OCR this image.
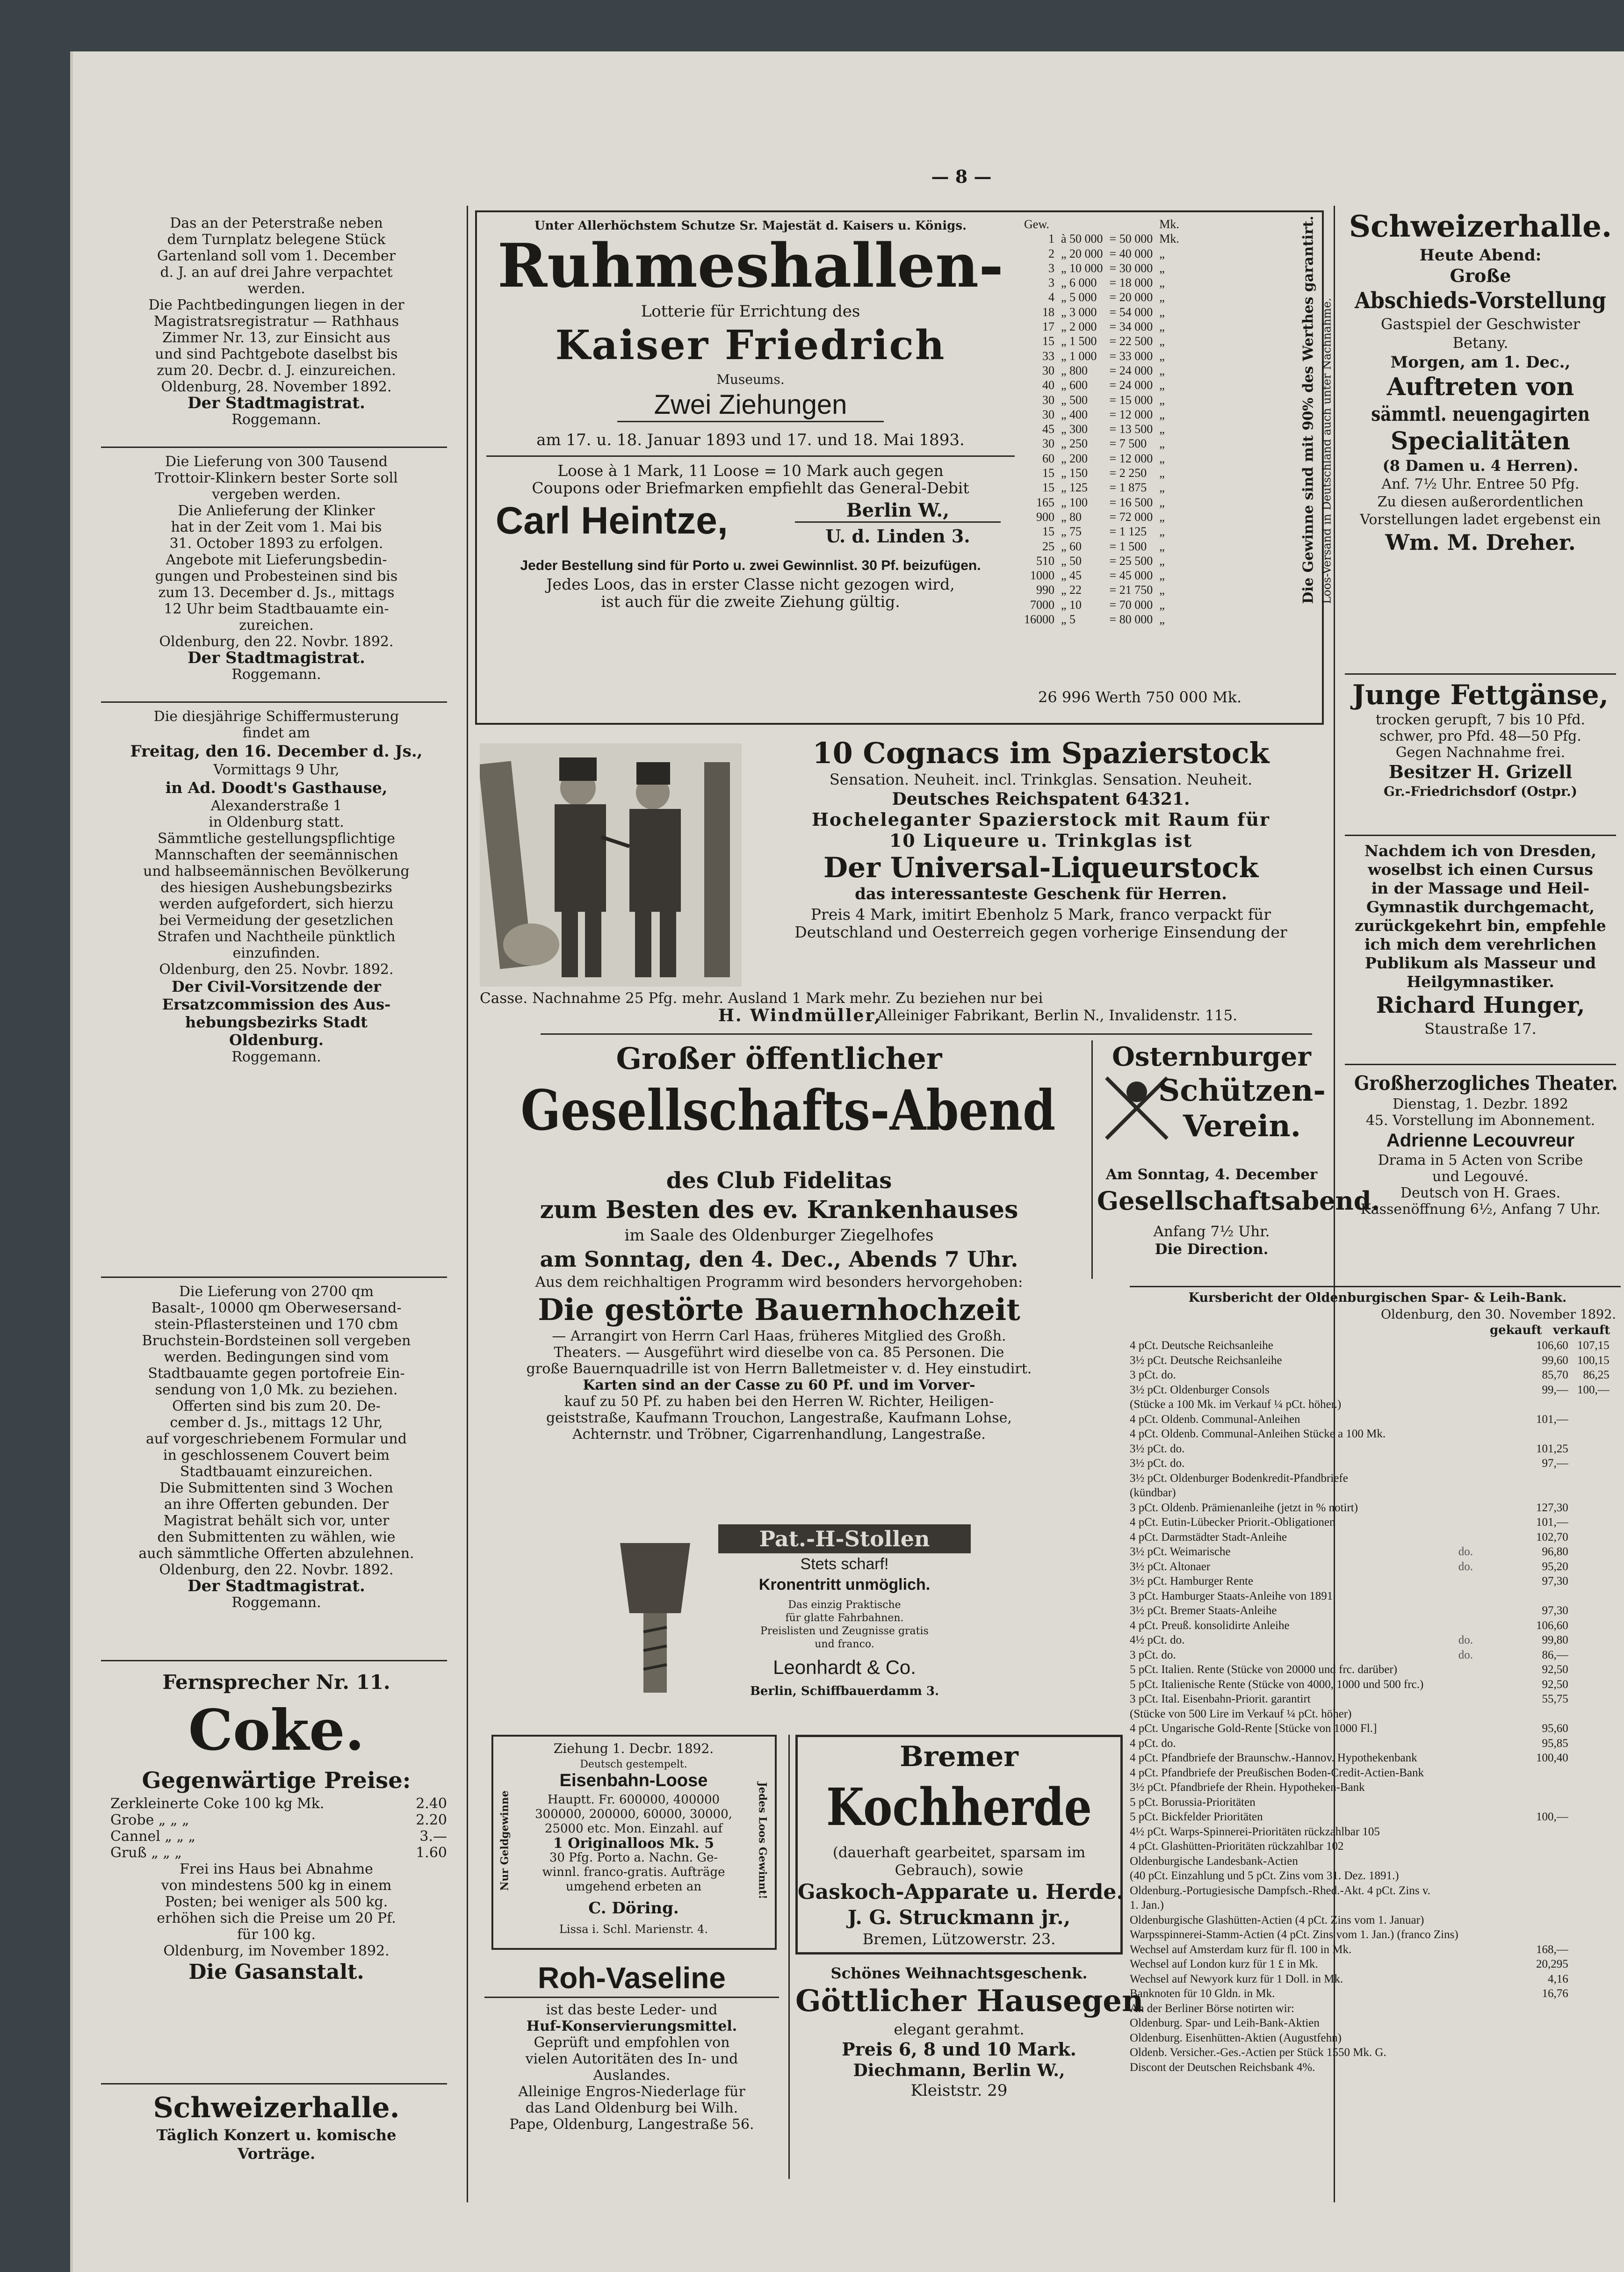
— 8 —

Das an der Peterstraße neben

dem Turnplatz belegene Stück

Gartenland soll vom 1. December

d. J. an auf drei Jahre verpachtet

werden.

Die Pachtbedingungen liegen in der

Magistratsregistratur — Rathhaus

Zimmer Nr. 13, zur Einsicht aus

und sind Pachtgebote daselbst bis

zum 20. Decbr. d. J. einzureichen.

Oldenburg, 28. November 1892.

Der Stadtmagistrat.

Roggemann.

Die Lieferung von 300 Tausend

Trottoir-Klinkern bester Sorte soll

vergeben werden.

Die Anlieferung der Klinker

hat in der Zeit vom 1. Mai bis

31. October 1893 zu erfolgen.

Angebote mit Lieferungsbedin-

gungen und Probesteinen sind bis

zum 13. December d. Js., mittags

12 Uhr beim Stadtbauamte ein-

zureichen.

Oldenburg, den 22. Novbr. 1892.

Der Stadtmagistrat.

Roggemann.

Die diesjährige Schiffermusterung

findet am

Freitag, den 16. December d. Js.,

Vormittags 9 Uhr,

in Ad. Doodt's Gasthause,

Alexanderstraße 1

in Oldenburg statt.

Sämmtliche gestellungspflichtige

Mannschaften der seemännischen

und halbseemännischen Bevölkerung

des hiesigen Aushebungsbezirks

werden aufgefordert, sich hierzu

bei Vermeidung der gesetzlichen

Strafen und Nachtheile pünktlich

einzufinden.

Oldenburg, den 25. Novbr. 1892.

Der Civil-Vorsitzende der

Ersatzcommission des Aus-

hebungsbezirks Stadt

Oldenburg.

Roggemann.

Die Lieferung von 2700 qm

Basalt-, 10000 qm Oberwesersand-

stein-Pflastersteinen und 170 cbm

Bruchstein-Bordsteinen soll vergeben

werden. Bedingungen sind vom

Stadtbauamte gegen portofreie Ein-

sendung von 1,0 Mk. zu beziehen.

Offerten sind bis zum 20. De-

cember d. Js., mittags 12 Uhr,

auf vorgeschriebenem Formular und

in geschlossenem Couvert beim

Stadtbauamt einzureichen.

Die Submittenten sind 3 Wochen

an ihre Offerten gebunden. Der

Magistrat behält sich vor, unter

den Submittenten zu wählen, wie

auch sämmtliche Offerten abzulehnen.

Oldenburg, den 22. Novbr. 1892.

Der Stadtmagistrat.

Roggemann.

Fernsprecher Nr. 11.

Coke.

Gegenwärtige Preise:

Zerkleinerte Coke 100 kg Mk.	2.40
Grobe „ „ „	2.20
Cannel „ „ „	3.—
Gruß „ „ „	1.60

Frei ins Haus bei Abnahme

von mindestens 500 kg in einem

Posten; bei weniger als 500 kg.

erhöhen sich die Preise um 20 Pf.

für 100 kg.

Oldenburg, im November 1892.

Die Gasanstalt.

Schweizerhalle.

Täglich Konzert u. komische

Vorträge.

Unter Allerhöchstem Schutze Sr. Majestät d. Kaisers u. Königs.

Ruhmeshallen-

Lotterie für Errichtung des

Kaiser Friedrich

Museums.

Zwei Ziehungen

am 17. u. 18. Januar 1893 und 17. und 18. Mai 1893.

Loose à 1 Mark, 11 Loose = 10 Mark auch gegen

Coupons oder Briefmarken empfiehlt das General-Debit

Carl Heintze,	Berlin W.,

U. d. Linden 3.

Jeder Bestellung sind für Porto u. zwei Gewinnlist. 30 Pf. beizufügen.

Jedes Loos, das in erster Classe nicht gezogen wird,

ist auch für die zweite Ziehung gültig.

Gew.			Mk.
1	à 50 000	= 50 000	Mk.
2	„ 20 000	= 40 000	„
3	„ 10 000	= 30 000	„
3	„ 6 000	= 18 000	„
4	„ 5 000	= 20 000	„
18	„ 3 000	= 54 000	„
17	„ 2 000	= 34 000	„
15	„ 1 500	= 22 500	„
33	„ 1 000	= 33 000	„
30	„ 800	= 24 000	„
40	„ 600	= 24 000	„
30	„ 500	= 15 000	„
30	„ 400	= 12 000	„
45	„ 300	= 13 500	„
30	„ 250	= 7 500	„
60	„ 200	= 12 000	„
15	„ 150	= 2 250	„
15	„ 125	= 1 875	„
165	„ 100	= 16 500	„
900	„ 80	= 72 000	„
15	„ 75	= 1 125	„
25	„ 60	= 1 500	„
510	„ 50	= 25 500	„
1000	„ 45	= 45 000	„
990	„ 22	= 21 750	„
7000	„ 10	= 70 000	„
16000	„ 5	= 80 000	„

26 996 Werth 750 000 Mk.

Die Gewinne sind mit 90% des Werthes garantirt. Loos-Versand in Deutschland auch unter Nachnahme.

10 Cognacs im Spazierstock

Sensation. Neuheit. incl. Trinkglas. Sensation. Neuheit.

Deutsches Reichspatent 64321.

Hocheleganter Spazierstock mit Raum für

10 Liqueure u. Trinkglas ist

Der Universal-Liqueurstock

das interessanteste Geschenk für Herren.

Preis 4 Mark, imitirt Ebenholz 5 Mark, franco verpackt für

Deutschland und Oesterreich gegen vorherige Einsendung der

Casse. Nachnahme 25 Pfg. mehr. Ausland 1 Mark mehr. Zu beziehen nur bei

H. Windmüller,

Alleiniger Fabrikant, Berlin N., Invalidenstr. 115.

Großer öffentlicher

Gesellschafts-Abend

des Club Fidelitas

zum Besten des ev. Krankenhauses

im Saale des Oldenburger Ziegelhofes

am Sonntag, den 4. Dec., Abends 7 Uhr.

Aus dem reichhaltigen Programm wird besonders hervorgehoben:

Die gestörte Bauernhochzeit

— Arrangirt von Herrn Carl Haas, früheres Mitglied des Großh.

Theaters. — Ausgeführt wird dieselbe von ca. 85 Personen. Die

große Bauernquadrille ist von Herrn Balletmeister v. d. Hey einstudirt.

Karten sind an der Casse zu 60 Pf. und im Vorver-

kauf zu 50 Pf. zu haben bei den Herren W. Richter, Heiligen-

geiststraße, Kaufmann Trouchon, Langestraße, Kaufmann Lohse,

Achternstr. und Tröbner, Cigarrenhandlung, Langestraße.

Osternburger

Schützen-

Verein.

Am Sonntag, 4. December

Gesellschaftsabend.

Anfang 7½ Uhr.

Die Direction.

Pat.-H-Stollen

Stets scharf!

Kronentritt unmöglich.

Das einzig Praktische

für glatte Fahrbahnen.

Preislisten und Zeugnisse gratis

und franco.

Leonhardt & Co.

Berlin, Schiffbauerdamm 3.

Ziehung 1. Decbr. 1892.

Deutsch gestempelt.

Eisenbahn-Loose

Hauptt. Fr. 600000, 400000

300000, 200000, 60000, 30000,

25000 etc. Mon. Einzahl. auf

1 Originalloos Mk. 5

30 Pfg. Porto a. Nachn. Ge-

winnl. franco-gratis. Aufträge

umgehend erbeten an

C. Döring.

Lissa i. Schl. Marienstr. 4.

Nur Geldgewinne	Jedes Loos Gewinnt!

Roh-Vaseline

ist das beste Leder- und

Huf-Konservierungsmittel.

Geprüft und empfohlen von

vielen Autoritäten des In- und

Auslandes.

Alleinige Engros-Niederlage für

das Land Oldenburg bei Wilh.

Pape, Oldenburg, Langestraße 56.

Bremer

Kochherde

(dauerhaft gearbeitet, sparsam im

Gebrauch), sowie

Gaskoch-Apparate u. Herde.

J. G. Struckmann jr.,

Bremen, Lützowerstr. 23.

Schönes Weihnachtsgeschenk.

Göttlicher Hausegen

elegant gerahmt.

Preis 6, 8 und 10 Mark.

Diechmann, Berlin W.,

Kleiststr. 29

Kursbericht der Oldenburgischen Spar- & Leih-Bank.

Oldenburg, den 30. November 1892.

gekauft verkauft

4 pCt. Deutsche Reichsanleihe		106,60	107,15
3½ pCt. Deutsche Reichsanleihe		99,60	100,15
3 pCt. do.		85,70	86,25
3½ pCt. Oldenburger Consols		99,—	100,—
(Stücke a 100 Mk. im Verkauf ¼ pCt. höher.)			
4 pCt. Oldenb. Communal-Anleihen		101,—	
4 pCt. Oldenb. Communal-Anleihen Stücke a 100 Mk.			
3½ pCt. do.		101,25	
3½ pCt. do.		97,—	
3½ pCt. Oldenburger Bodenkredit-Pfandbriefe			
(kündbar)			
3 pCt. Oldenb. Prämienanleihe (jetzt in % notirt)		127,30	
4 pCt. Eutin-Lübecker Priorit.-Obligationen		101,—	
4 pCt. Darmstädter Stadt-Anleihe		102,70	
3½ pCt. Weimarische	do.	96,80	
3½ pCt. Altonaer	do.	95,20	
3½ pCt. Hamburger Rente		97,30	
3 pCt. Hamburger Staats-Anleihe von 1891			
3½ pCt. Bremer Staats-Anleihe		97,30	
4 pCt. Preuß. konsolidirte Anleihe		106,60	
4½ pCt. do.	do.	99,80	
3 pCt. do.	do.	86,—	
5 pCt. Italien. Rente (Stücke von 20000 und frc. darüber)		92,50	
5 pCt. Italienische Rente (Stücke von 4000, 1000 und 500 frc.)		92,50	
3 pCt. Ital. Eisenbahn-Priorit. garantirt		55,75	
(Stücke von 500 Lire im Verkauf ¼ pCt. höher)			
4 pCt. Ungarische Gold-Rente [Stücke von 1000 Fl.]		95,60	
4 pCt. do.		95,85	
4 pCt. Pfandbriefe der Braunschw.-Hannov. Hypothekenbank		100,40	
4 pCt. Pfandbriefe der Preußischen Boden-Credit-Actien-Bank			
3½ pCt. Pfandbriefe der Rhein. Hypotheken-Bank			
5 pCt. Borussia-Prioritäten			
5 pCt. Bickfelder Prioritäten		100,—	
4½ pCt. Warps-Spinnerei-Prioritäten rückzahlbar 105			
4 pCt. Glashütten-Prioritäten rückzahlbar 102			
Oldenburgische Landesbank-Actien			
(40 pCt. Einzahlung und 5 pCt. Zins vom 31. Dez. 1891.)			
Oldenburg.-Portugiesische Dampfsch.-Rhed.-Akt. 4 pCt. Zins v.			
1. Jan.)			
Oldenburgische Glashütten-Actien (4 pCt. Zins vom 1. Januar)			
Warpsspinnerei-Stamm-Actien (4 pCt. Zins vom 1. Jan.) (franco Zins)			
Wechsel auf Amsterdam kurz für fl. 100 in Mk.		168,—	
Wechsel auf London kurz für 1 £ in Mk.		20,295	
Wechsel auf Newyork kurz für 1 Doll. in Mk.		4,16	
Banknoten für 10 Gldn. in Mk.		16,76	
An der Berliner Börse notirten wir:			
Oldenburg. Spar- und Leih-Bank-Aktien			
Oldenburg. Eisenhütten-Aktien (Augustfehn)			
Oldenb. Versicher.-Ges.-Actien per Stück 1550 Mk. G.			
Discont der Deutschen Reichsbank 4%.			

Schweizerhalle.

Heute Abend:

Große

Abschieds-Vorstellung

Gastspiel der Geschwister

Betany.

Morgen, am 1. Dec.,

Auftreten von

sämmtl. neuengagirten

Specialitäten

(8 Damen u. 4 Herren).

Anf. 7½ Uhr. Entree 50 Pfg.

Zu diesen außerordentlichen

Vorstellungen ladet ergebenst ein

Wm. M. Dreher.

Junge Fettgänse,

trocken gerupft, 7 bis 10 Pfd.

schwer, pro Pfd. 48—50 Pfg.

Gegen Nachnahme frei.

Besitzer H. Grizell

Gr.-Friedrichsdorf (Ostpr.)

Nachdem ich von Dresden,

woselbst ich einen Cursus

in der Massage und Heil-

Gymnastik durchgemacht,

zurückgekehrt bin, empfehle

ich mich dem verehrlichen

Publikum als Masseur und

Heilgymnastiker.

Richard Hunger,

Staustraße 17.

Großherzogliches Theater.

Dienstag, 1. Dezbr. 1892

45. Vorstellung im Abonnement.

Adrienne Lecouvreur

Drama in 5 Acten von Scribe

und Legouvé.

Deutsch von H. Graes.

Kassenöffnung 6½, Anfang 7 Uhr.
